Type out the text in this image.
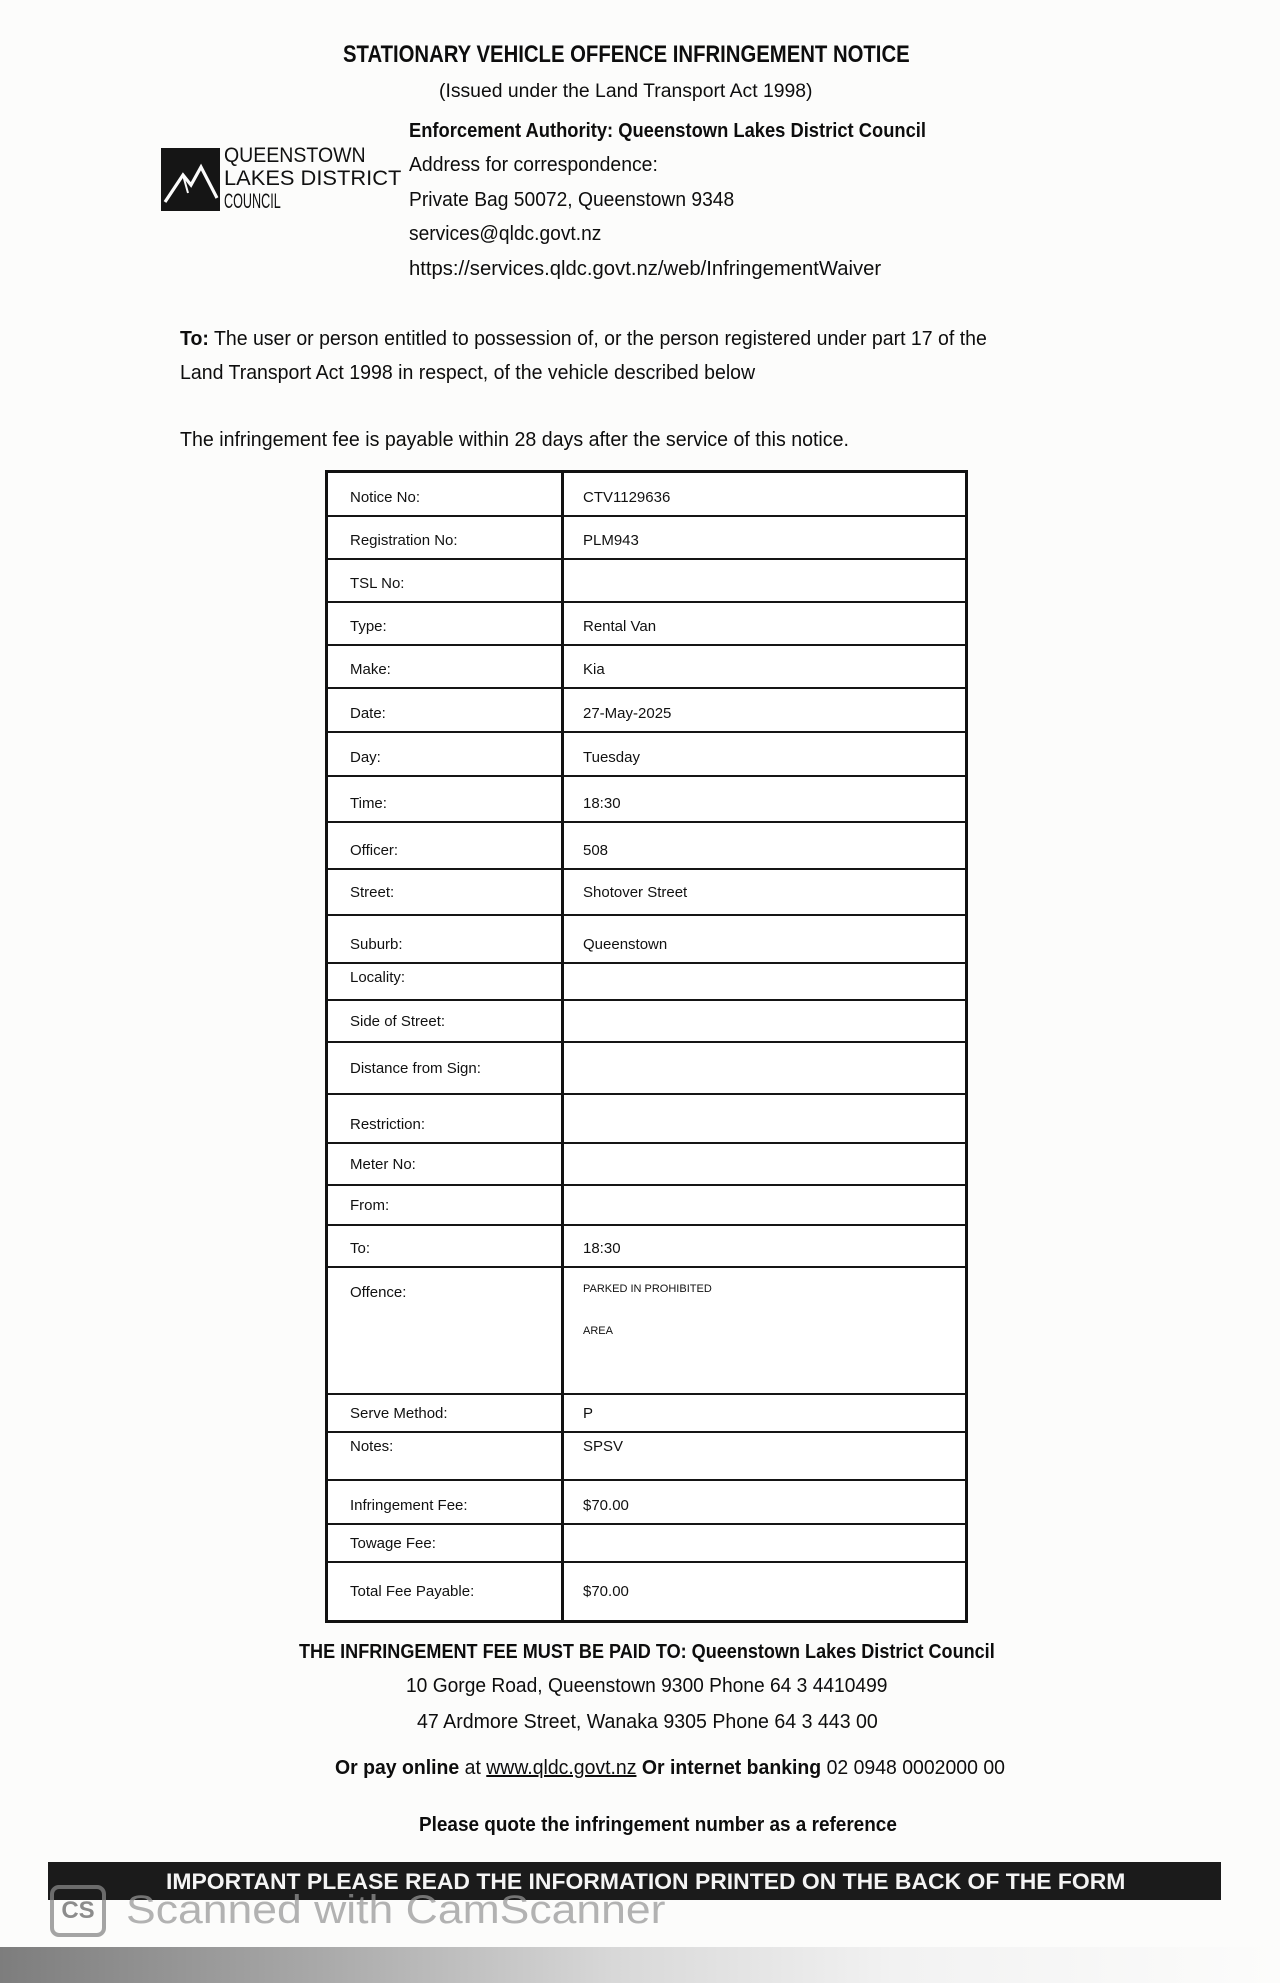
STATIONARY VEHICLE OFFENCE INFRINGEMENT NOTICE
(Issued under the Land Transport Act 1998)
QUEENSTOWN
LAKES DISTRICT
COUNCIL
Enforcement Authority: Queenstown Lakes District Council
Address for correspondence:
Private Bag 50072, Queenstown 9348
services@qldc.govt.nz
https://services.qldc.govt.nz/web/InfringementWaiver
To: The user or person entitled to possession of, or the person registered under part 17 of the
Land Transport Act 1998 in respect, of the vehicle described below
The infringement fee is payable within 28 days after the service of this notice.
Notice No:	CTV1129636
Registration No:	PLM943
TSL No:
Type:	Rental Van
Make:	Kia
Date:	27-May-2025
Day:	Tuesday
Time:	18:30
Officer:	508
Street:	Shotover Street
Suburb:	Queenstown
Locality:
Side of Street:
Distance from Sign:
Restriction:
Meter No:
From:
To:	18:30
Offence:	PARKED IN PROHIBITED
AREA
Serve Method:	P
Notes:	SPSV
Infringement Fee:	$70.00
Towage Fee:
Total Fee Payable:	$70.00
THE INFRINGEMENT FEE MUST BE PAID TO: Queenstown Lakes District Council
10 Gorge Road, Queenstown 9300 Phone 64 3 4410499
47 Ardmore Street, Wanaka 9305 Phone 64 3 443 00
Or pay online at www.qldc.govt.nz Or internet banking 02 0948 0002000 00
Please quote the infringement number as a reference
IMPORTANT PLEASE READ THE INFORMATION PRINTED ON THE BACK OF THE FORM
CS Scanned with CamScanner
